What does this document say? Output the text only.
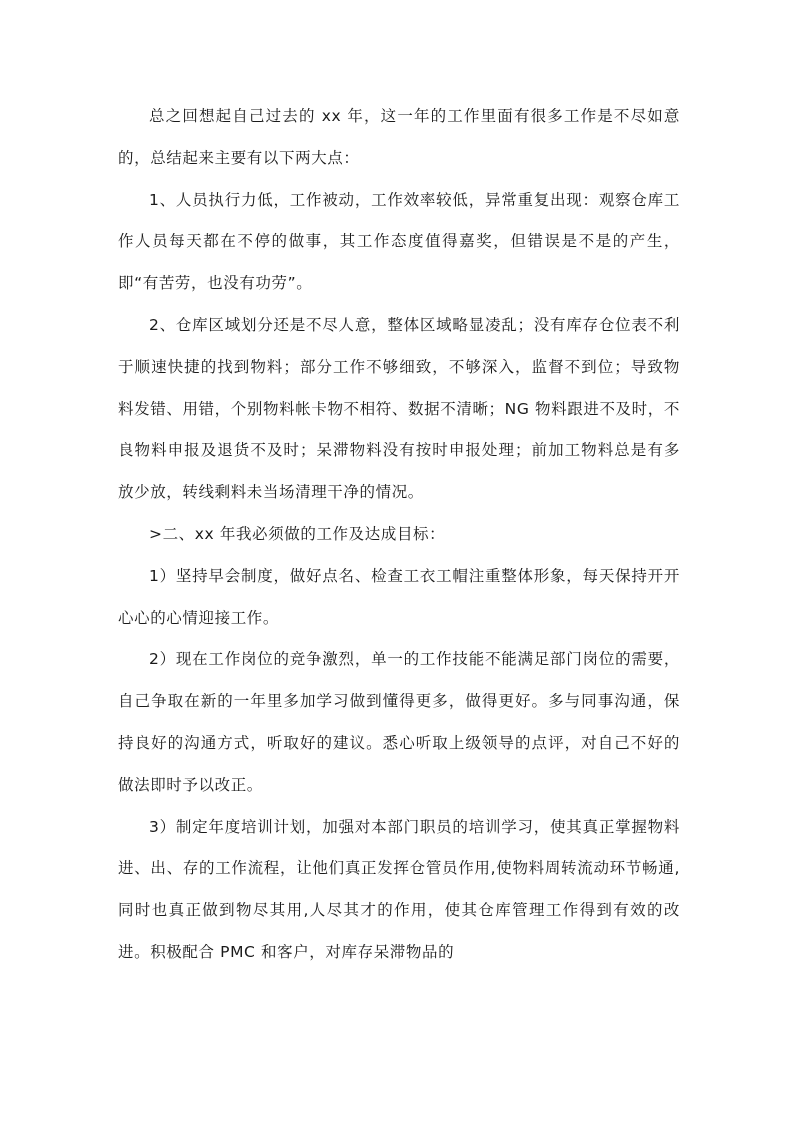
总之回想起自己过去的 xx 年，这一年的工作里面有很多工作是不尽如意的，总结起来主要有以下两大点：

1、人员执行力低，工作被动，工作效率较低，异常重复出现：观察仓库工作人员每天都在不停的做事，其工作态度值得嘉奖，但错误是不是的产生，即“有苦劳，也没有功劳”。

2、仓库区域划分还是不尽人意，整体区域略显凌乱；没有库存仓位表不利于顺速快捷的找到物料；部分工作不够细致，不够深入，监督不到位；导致物料发错、用错，个别物料帐卡物不相符、数据不清晰；NG 物料跟进不及时，不良物料申报及退货不及时；呆滞物料没有按时申报处理；前加工物料总是有多放少放，转线剩料未当场清理干净的情况。

>二、xx 年我必须做的工作及达成目标：

1）坚持早会制度，做好点名、检查工衣工帽注重整体形象，每天保持开开心心的心情迎接工作。

2）现在工作岗位的竞争激烈，单一的工作技能不能满足部门岗位的需要，自己争取在新的一年里多加学习做到懂得更多，做得更好。多与同事沟通，保持良好的沟通方式，听取好的建议。悉心听取上级领导的点评，对自己不好的做法即时予以改正。

3）制定年度培训计划，加强对本部门职员的培训学习，使其真正掌握物料进、出、存的工作流程，让他们真正发挥仓管员作用,使物料周转流动环节畅通,同时也真正做到物尽其用,人尽其才的作用，使其仓库管理工作得到有效的改进。积极配合 PMC 和客户，对库存呆滞物品的
